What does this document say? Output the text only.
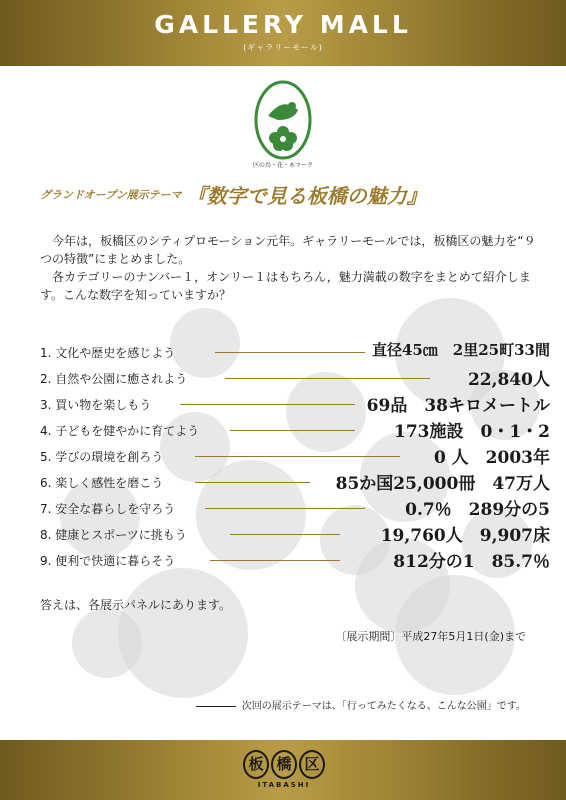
GALLERY MALL
(ギャラリーモール)
区の鳥・花・木マーク
グランドオープン展示テーマ 『数字で見る板橋の魅力』

今年は，板橋区のシティプロモーション元年。ギャラリーモールでは，板橋区の魅力を“９つの特徴”にまとめました。

各カテゴリーのナンバー１，オンリー１はもちろん，魅力満載の数字をまとめて紹介します。こんな数字を知っていますか？

1. 文化や歴史を感じよう	直径45㎝　2里25町33間
2. 自然や公園に癒されよう	22,840人
3. 買い物を楽しもう	69品　38キロメートル
4. 子どもを健やかに育てよう	173施設　0・1・2
5. 学びの環境を創ろう	0 人　2003年
6. 楽しく感性を磨こう	85か国25,000冊　47万人
7. 安全な暮らしを守ろう	0.7％　289分の5
8. 健康とスポーツに挑もう	19,760人　9,907床
9. 便利で快適に暮らそう	812分の1　85.7％
答えは、各展示パネルにあります。
〔展示期間〕平成27年5月1日(金)まで
次回の展示テーマは、「行ってみたくなる、こんな公園」です。
板 橋 区
ITABASHI
